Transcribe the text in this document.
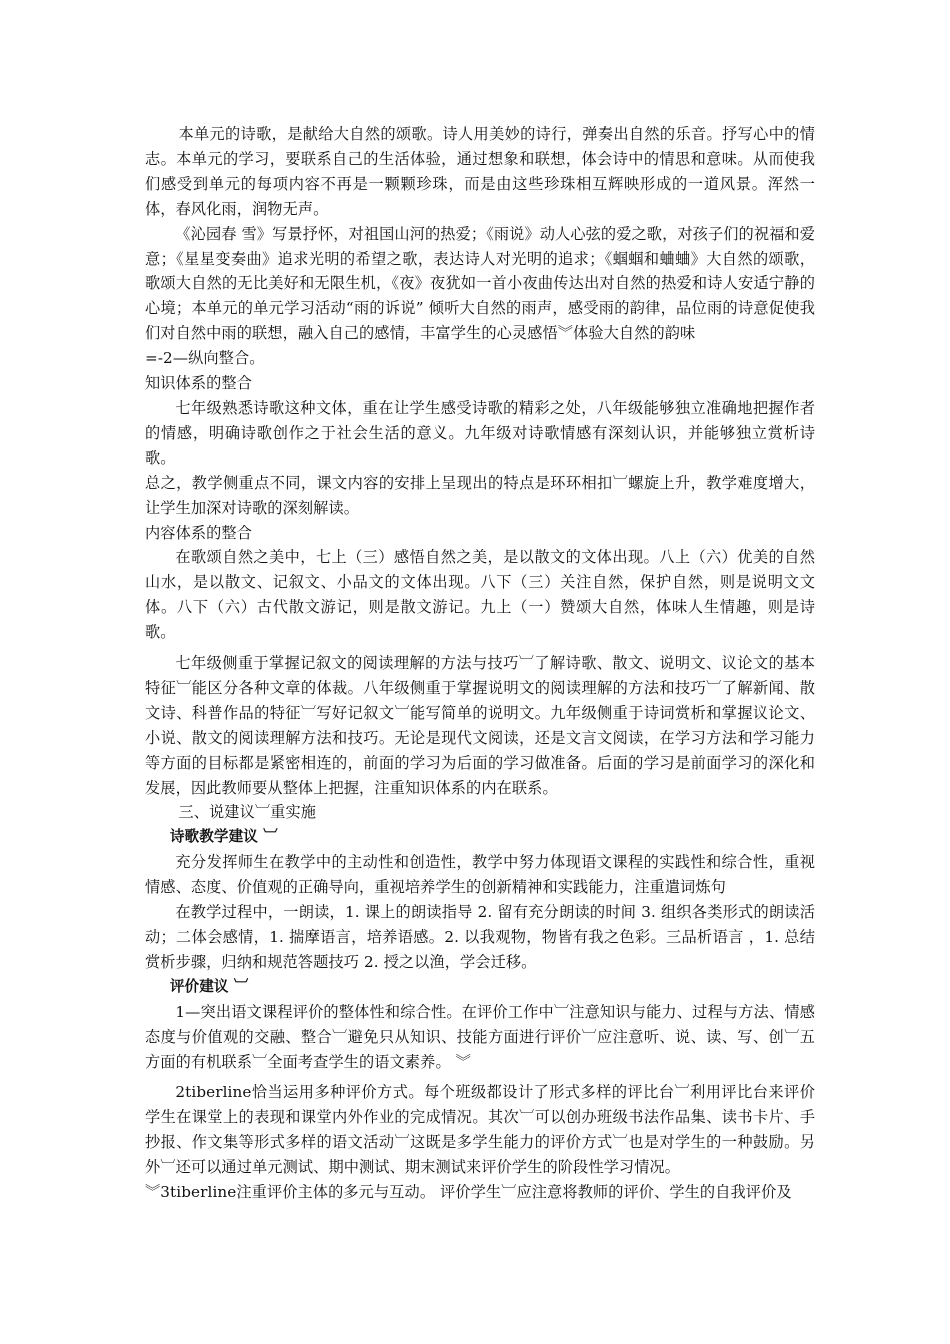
本单元的诗歌，是献给大自然的颂歌。诗人用美妙的诗行，弹奏出自然的乐音。抒写心中的情志。本单元的学习，要联系自己的生活体验，通过想象和联想，体会诗中的情思和意味。从而使我们感受到单元的每项内容不再是一颗颗珍珠，而是由这些珍珠相互辉映形成的一道风景。浑然一体，春风化雨，润物无声。

《沁园春 雪》写景抒怀，对祖国山河的热爱；《雨说》动人心弦的爱之歌，对孩子们的祝福和爱意；《星星变奏曲》追求光明的希望之歌，表达诗人对光明的追求；《蝈蝈和蛐蛐》大自然的颂歌，歌颂大自然的无比美好和无限生机，《夜》夜犹如一首小夜曲传达出对自然的热爱和诗人安适宁静的心境；本单元的单元学习活动“雨的诉说” 倾听大自然的雨声，感受雨的韵律，品位雨的诗意促使我们对自然中雨的联想，融入自己的感情，丰富学生的心灵感悟︾体验大自然的韵味

=-2—纵向整合。

知识体系的整合

七年级熟悉诗歌这种文体，重在让学生感受诗歌的精彩之处，八年级能够独立准确地把握作者的情感，明确诗歌创作之于社会生活的意义。九年级对诗歌情感有深刻认识，并能够独立赏析诗歌。

总之，教学侧重点不同，课文内容的安排上呈现出的特点是环环相扣︺螺旋上升，教学难度增大，让学生加深对诗歌的深刻解读。

内容体系的整合

在歌颂自然之美中，七上（三）感悟自然之美，是以散文的文体出现。八上（六）优美的自然山水，是以散文、记叙文、小品文的文体出现。八下（三）关注自然，保护自然，则是说明文文体。八下（六）古代散文游记，则是散文游记。九上（一）赞颂大自然，体味人生情趣，则是诗歌。

七年级侧重于掌握记叙文的阅读理解的方法与技巧︺了解诗歌、散文、说明文、议论文的基本特征︺能区分各种文章的体裁。八年级侧重于掌握说明文的阅读理解的方法和技巧︺了解新闻、散文诗、科普作品的特征︺写好记叙文︺能写简单的说明文。九年级侧重于诗词赏析和掌握议论文、小说、散文的阅读理解方法和技巧。无论是现代文阅读，还是文言文阅读，在学习方法和学习能力等方面的目标都是紧密相连的，前面的学习为后面的学习做准备。后面的学习是前面学习的深化和发展，因此教师要从整体上把握，注重知识体系的内在联系。

三、说建议︺重实施

诗歌教学建议 ︺

充分发挥师生在教学中的主动性和创造性，教学中努力体现语文课程的实践性和综合性，重视情感、态度、价值观的正确导向，重视培养学生的创新精神和实践能力，注重遣词炼句

在教学过程中，一朗读，1. 课上的朗读指导 2. 留有充分朗读的时间 3. 组织各类形式的朗读活动；二体会感情，1. 揣摩语言，培养语感。2. 以我观物，物皆有我之色彩。三品析语言 ，1. 总结赏析步骤，归纳和规范答题技巧 2. 授之以渔，学会迁移。

评价建议 ︺

1—突出语文课程评价的整体性和综合性。在评价工作中︺注意知识与能力、过程与方法、情感态度与价值观的交融、整合︺避免只从知识、技能方面进行评价︺应注意听、说、读、写、创︺五方面的有机联系︺全面考查学生的语文素养。 ︾

2tiberline恰当运用多种评价方式。每个班级都设计了形式多样的评比台︺利用评比台来评价学生在课堂上的表现和课堂内外作业的完成情况。其次︺可以创办班级书法作品集、读书卡片、手抄报、作文集等形式多样的语文活动︺这既是多学生能力的评价方式︺也是对学生的一种鼓励。另外︺还可以通过单元测试、期中测试、期末测试来评价学生的阶段性学习情况。

︾3tiberline注重评价主体的多元与互动。 评价学生︺应注意将教师的评价、学生的自我评价及
